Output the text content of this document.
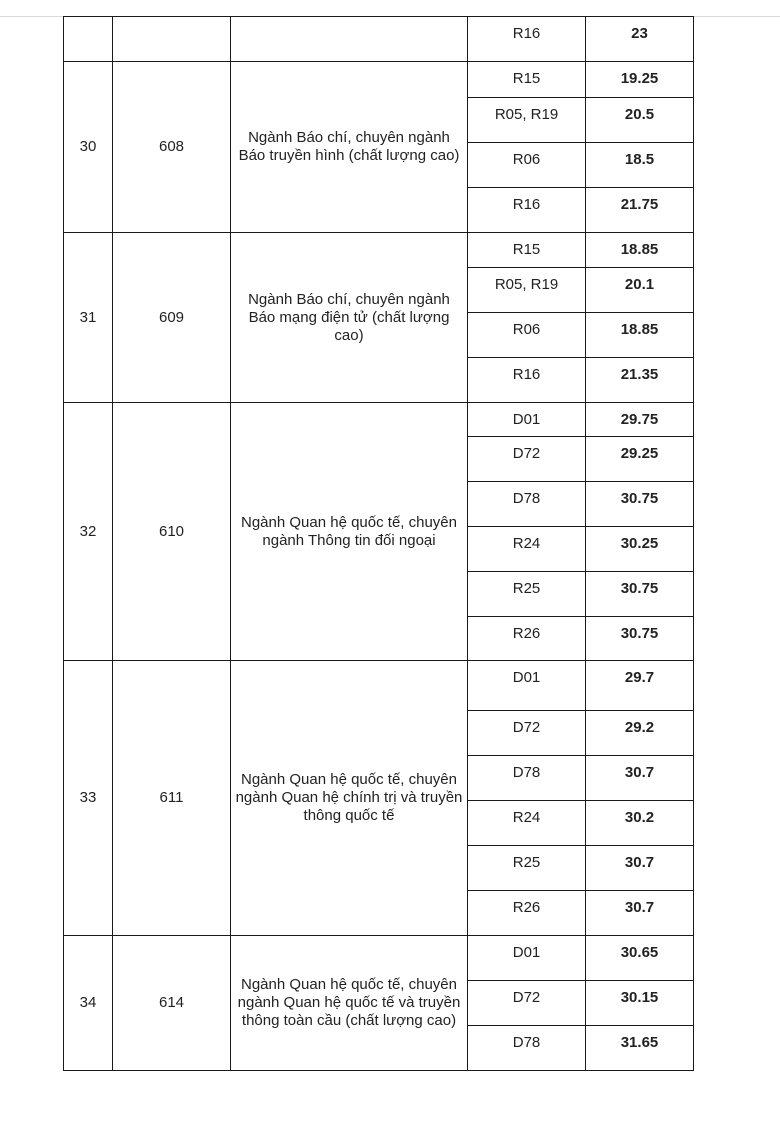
R16	23
30	608
Ngành Báo chí, chuyên ngành Báo truyền hình (chất lượng cao)
R15	19.25
R05, R19	20.5
R06	18.5
R16	21.75
31	609
Ngành Báo chí, chuyên ngành Báo mạng điện tử (chất lượng cao)
R15	18.85
R05, R19	20.1
R06	18.85
R16	21.35
32	610
Ngành Quan hệ quốc tế, chuyên ngành Thông tin đối ngoại
D01	29.75
D72	29.25
D78	30.75
R24	30.25
R25	30.75
R26	30.75
33	611
Ngành Quan hệ quốc tế, chuyên ngành Quan hệ chính trị và truyền thông quốc tế
D01	29.7
D72	29.2
D78	30.7
R24	30.2
R25	30.7
R26	30.7
34	614
Ngành Quan hệ quốc tế, chuyên ngành Quan hệ quốc tế và truyền thông toàn cầu (chất lượng cao)
D01	30.65
D72	30.15
D78	31.65
